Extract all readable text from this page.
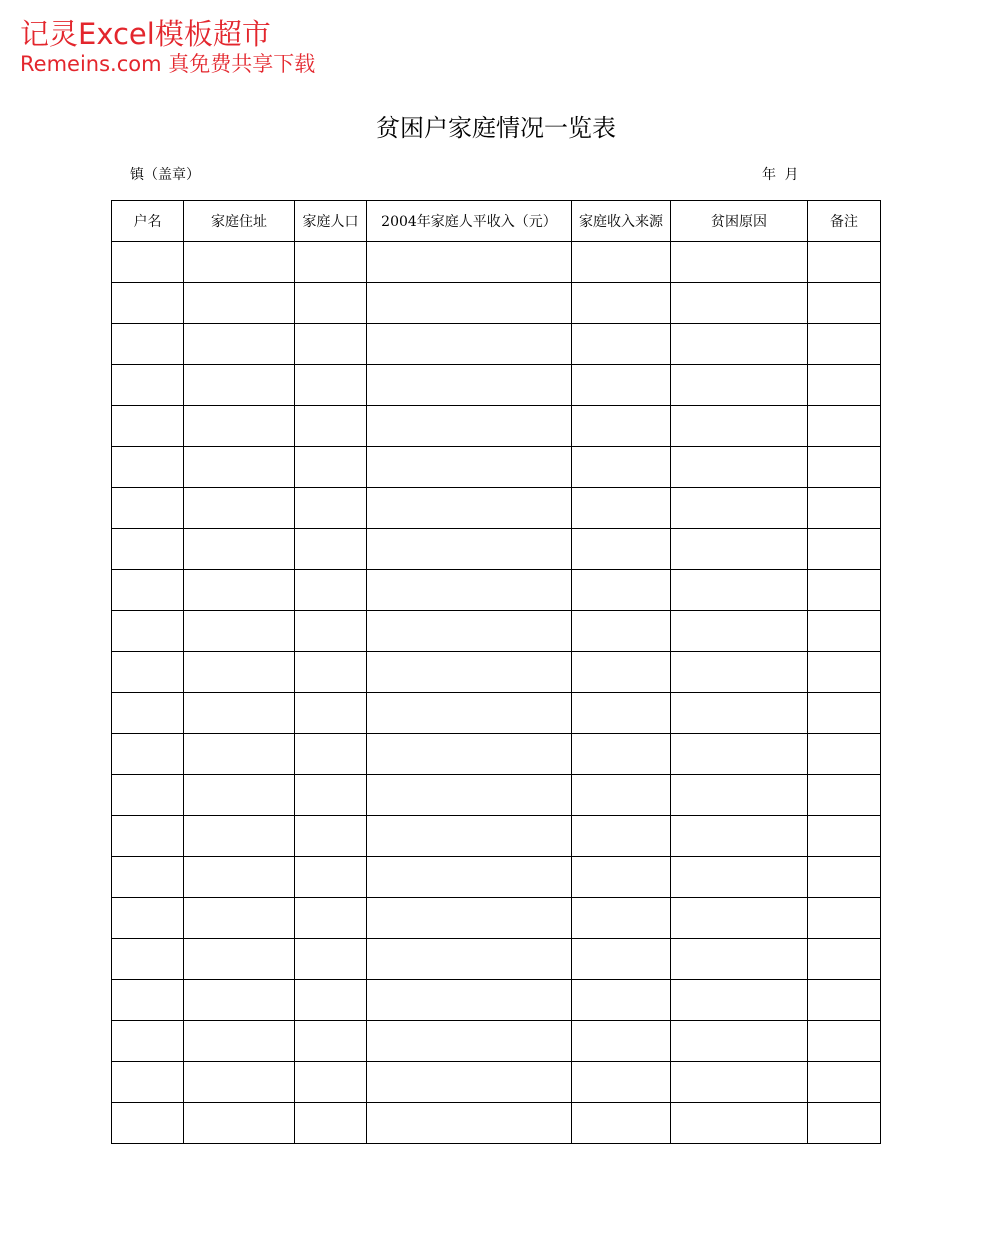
记灵Excel模板超市
Remeins.com 真免费共享下载
贫困户家庭情况一览表
镇（盖章）	年 月
户名	家庭住址	家庭人口	2004年家庭人平收入（元）	家庭收入来源	贫困原因	备注
